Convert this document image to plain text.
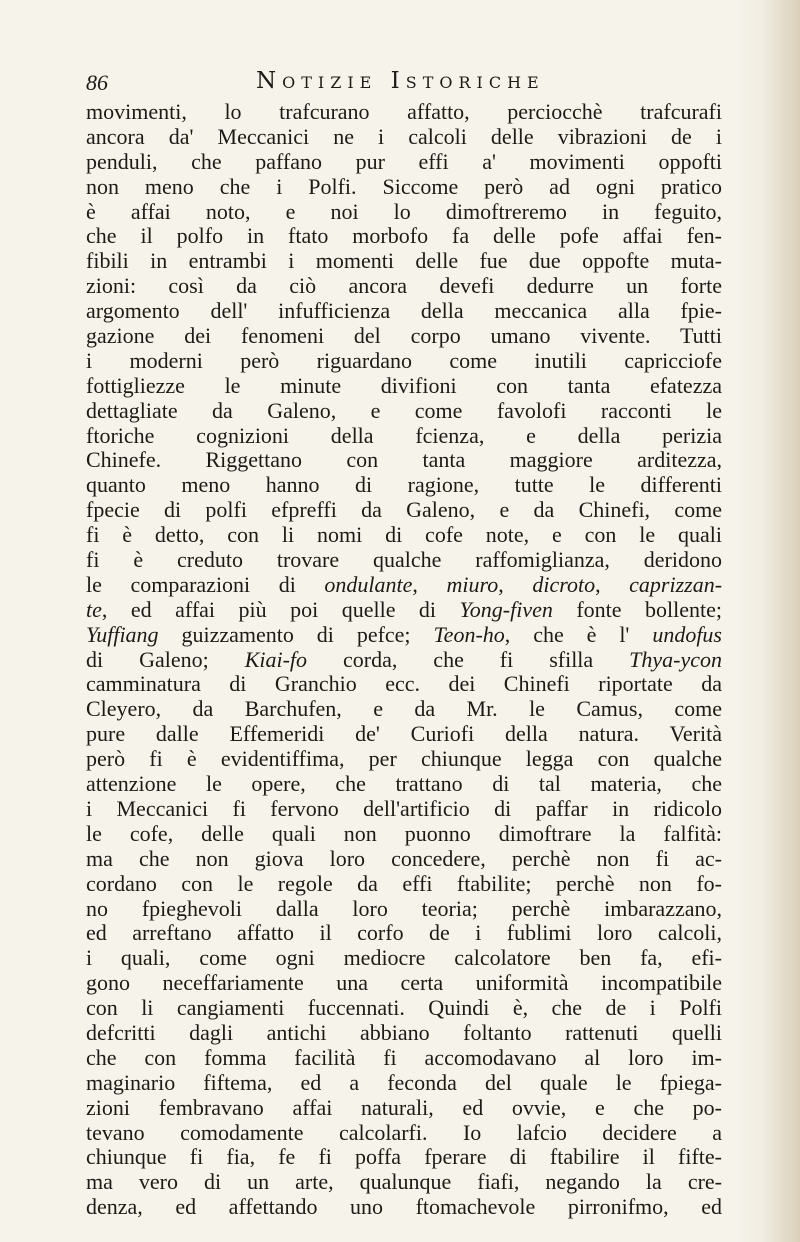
86	Notizie Istoriche
movimenti, lo trafcurano affatto, perciocchè trafcurafi
ancora da' Meccanici ne i calcoli delle vibrazioni de i
penduli, che paffano pur effi a' movimenti oppofti
non meno che i Polfi. Siccome però ad ogni pratico
è affai noto, e noi lo dimoftreremo in feguito,
che il polfo in ftato morbofo fa delle pofe affai fen-
fibili in entrambi i momenti delle fue due oppofte muta-
zioni: così da ciò ancora devefi dedurre un forte
argomento dell' infufficienza della meccanica alla fpie-
gazione dei fenomeni del corpo umano vivente. Tutti
i moderni però riguardano come inutili capricciofe
fottigliezze le minute divifioni con tanta efatezza
dettagliate da Galeno, e come favolofi racconti le
ftoriche cognizioni della fcienza, e della perizia
Chinefe. Riggettano con tanta maggiore arditezza,
quanto meno hanno di ragione, tutte le differenti
fpecie di polfi efpreffi da Galeno, e da Chinefi, come
fi è detto, con li nomi di cofe note, e con le quali
fi è creduto trovare qualche raffomiglianza, deridono
le comparazioni di ondulante, miuro, dicroto, caprizzan-
te, ed affai più poi quelle di Yong-fiven fonte bollente;
Yuffiang guizzamento di pefce; Teon-ho, che è l' undofus
di Galeno; Kiai-fo corda, che fi sfilla Thya-ycon
camminatura di Granchio ecc. dei Chinefi riportate da
Cleyero, da Barchufen, e da Mr. le Camus, come
pure dalle Effemeridi de' Curiofi della natura. Verità
però fi è evidentiffima, per chiunque legga con qualche
attenzione le opere, che trattano di tal materia, che
i Meccanici fi fervono dell'artificio di paffar in ridicolo
le cofe, delle quali non puonno dimoftrare la falfità:
ma che non giova loro concedere, perchè non fi ac-
cordano con le regole da effi ftabilite; perchè non fo-
no fpieghevoli dalla loro teoria; perchè imbarazzano,
ed arreftano affatto il corfo de i fublimi loro calcoli,
i quali, come ogni mediocre calcolatore ben fa, efi-
gono neceffariamente una certa uniformità incompatibile
con li cangiamenti fuccennati. Quindi è, che de i Polfi
defcritti dagli antichi abbiano foltanto rattenuti quelli
che con fomma facilità fi accomodavano al loro im-
maginario fiftema, ed a feconda del quale le fpiega-
zioni fembravano affai naturali, ed ovvie, e che po-
tevano comodamente calcolarfi. Io lafcio decidere a
chiunque fi fia, fe fi poffa fperare di ftabilire il fifte-
ma vero di un arte, qualunque fiafi, negando la cre-
denza, ed affettando uno ftomachevole pirronifmo, ed
